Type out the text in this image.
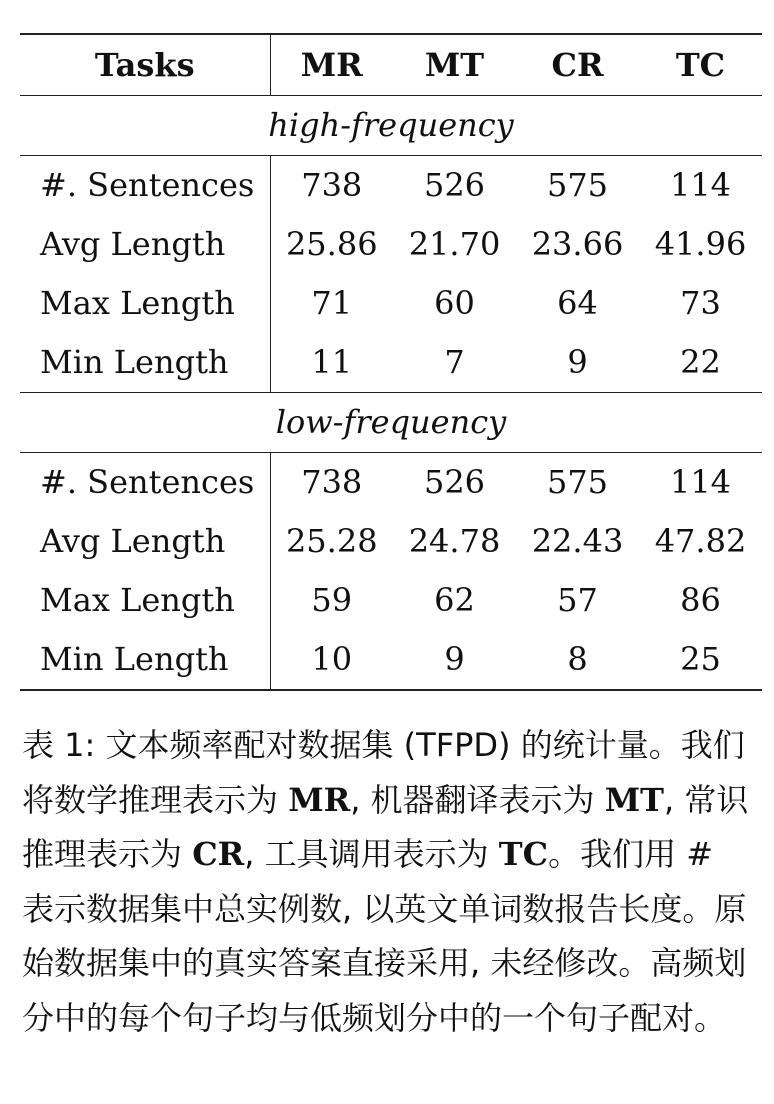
Tasks	MR	MT	CR	TC
high-frequency				
#. Sentences	738	526	575	114
Avg Length	25.86	21.70	23.66	41.96
Max Length	71	60	64	73
Min Length	11	7	9	22
low-frequency				
#. Sentences	738	526	575	114
Avg Length	25.28	24.78	22.43	47.82
Max Length	59	62	57	86
Min Length	10	9	8	25
表 1: 文本频率配对数据集 (TFPD) 的统计量。我们将数学推理表示为 MR, 机器翻译表示为 MT, 常识推理表示为 CR, 工具调用表示为 TC。我们用 # 表示数据集中总实例数, 以英文单词数报告长度。原始数据集中的真实答案直接采用, 未经修改。高频划分中的每个句子均与低频划分中的一个句子配对。
